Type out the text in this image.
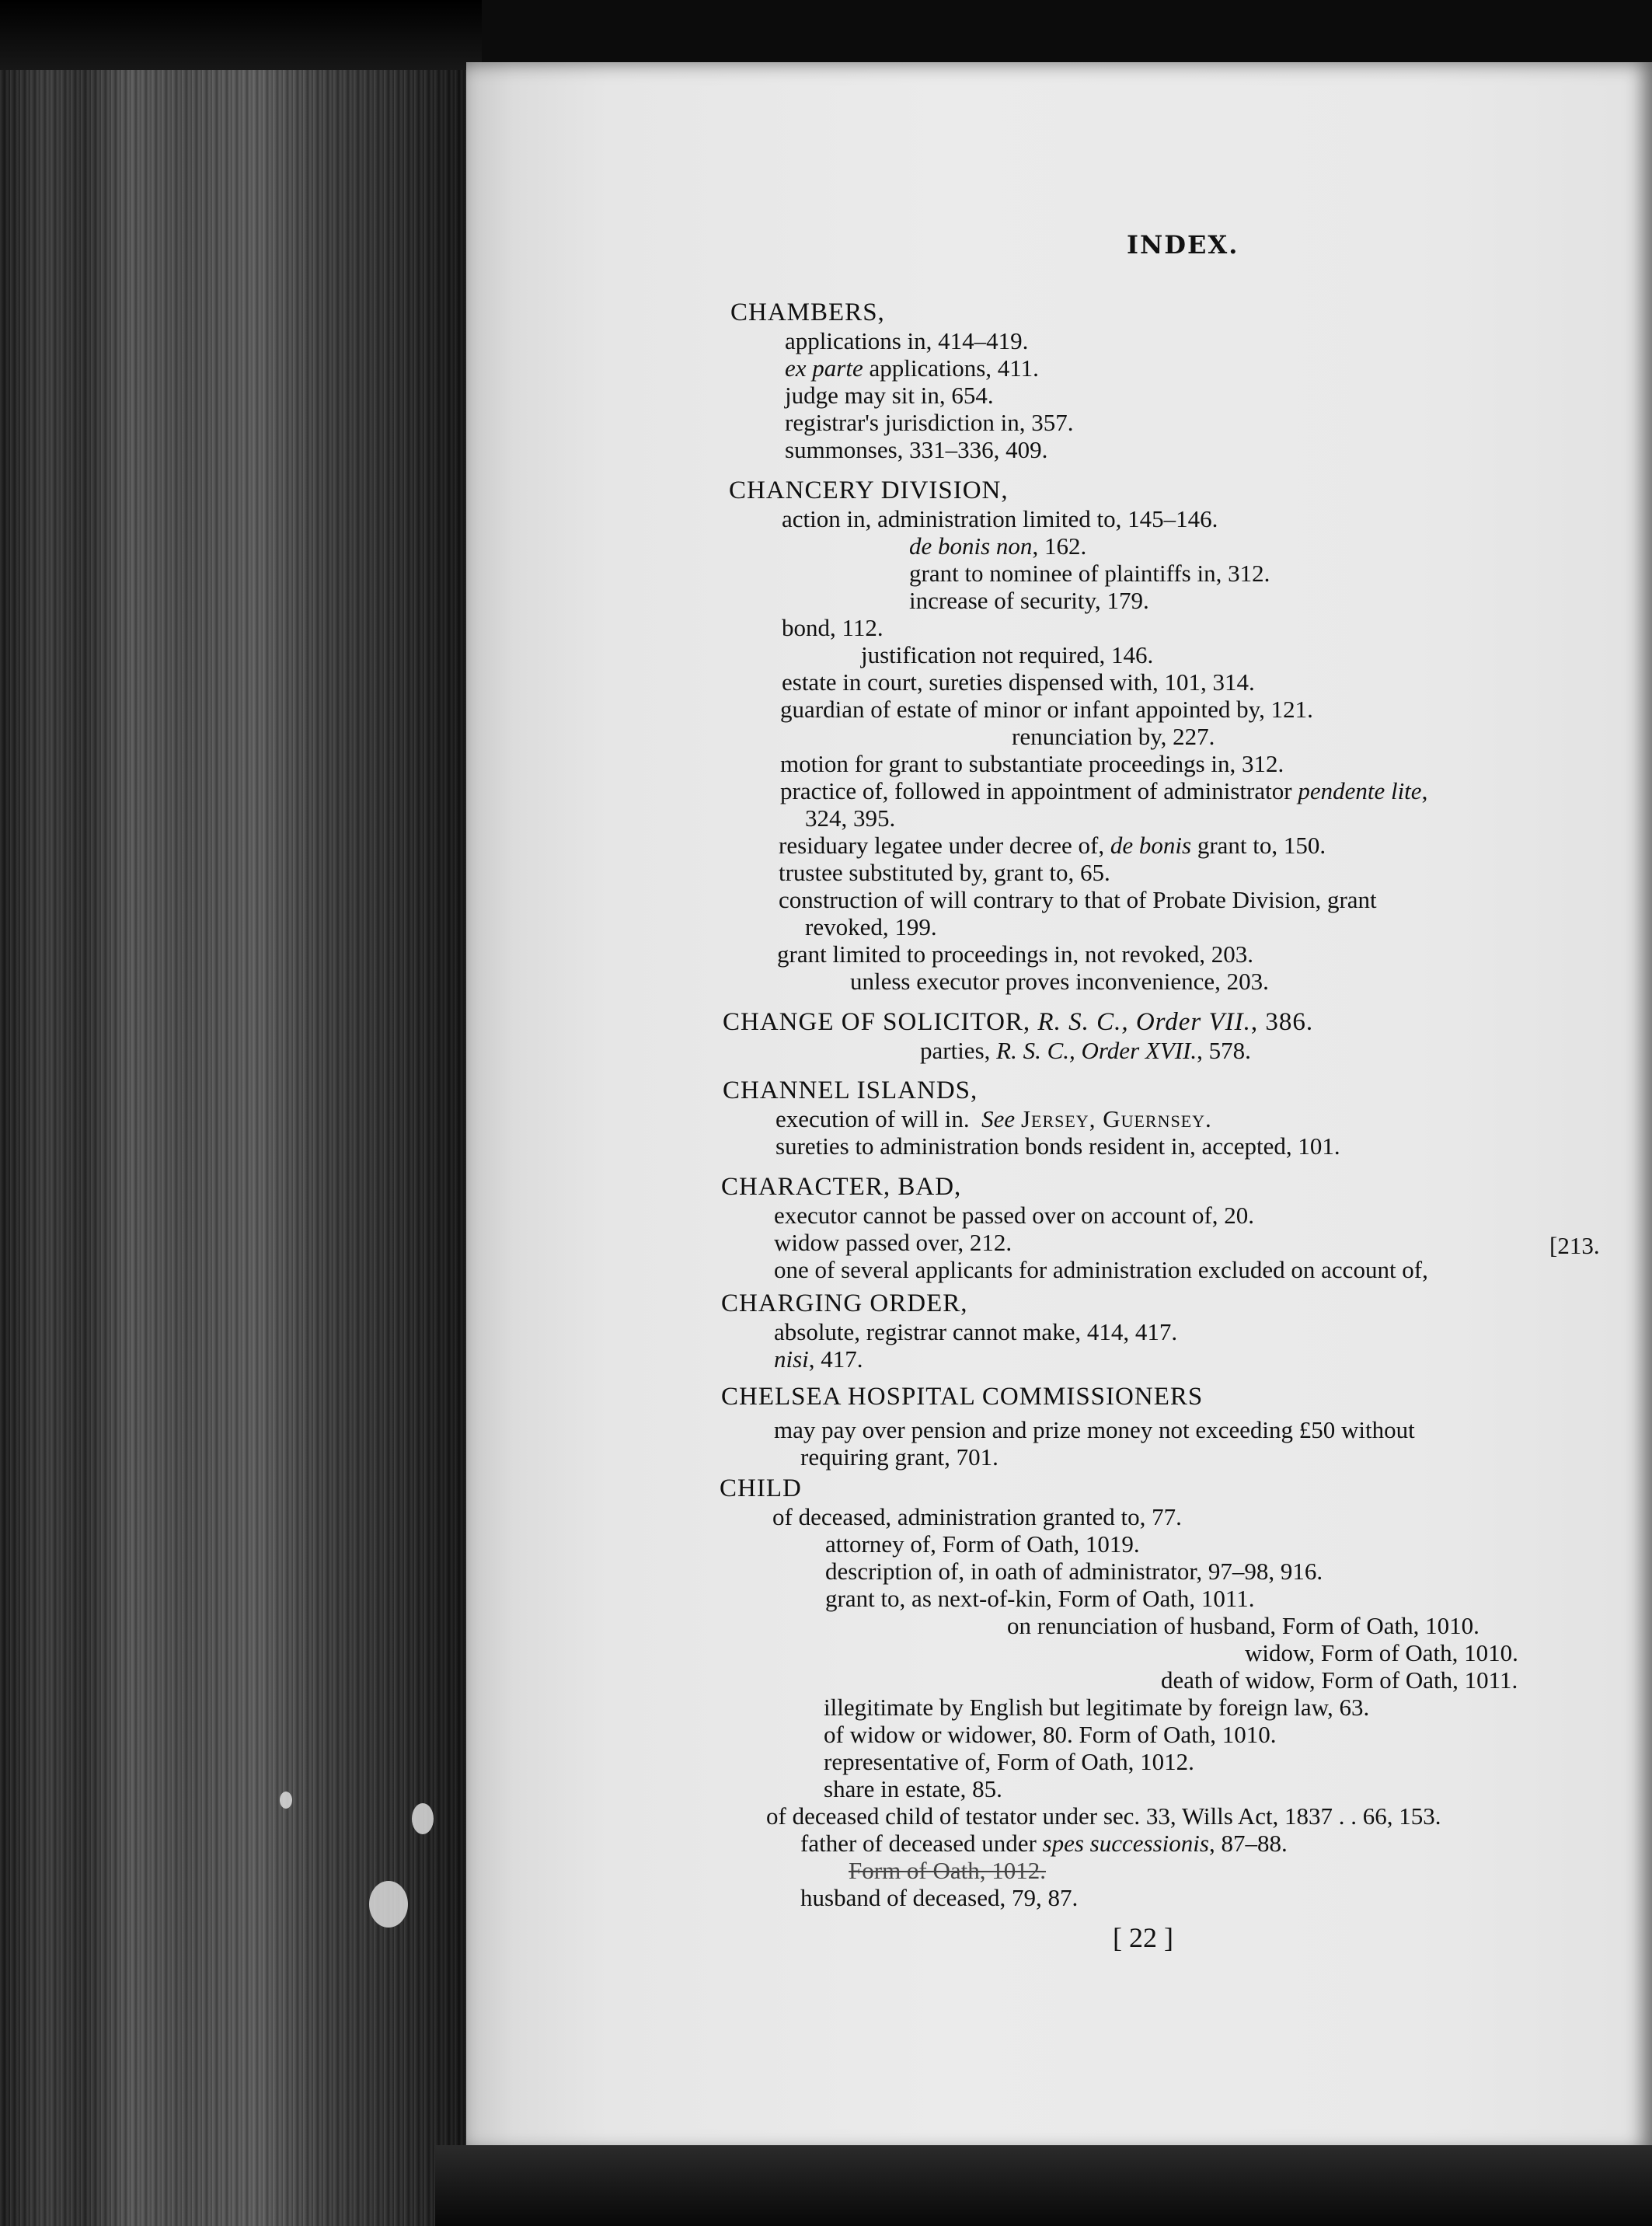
INDEX.
CHAMBERS,
applications in, 414–419.
ex parte applications, 411.
judge may sit in, 654.
registrar's jurisdiction in, 357.
summonses, 331–336, 409.
CHANCERY DIVISION,
action in, administration limited to, 145–146.
de bonis non, 162.
grant to nominee of plaintiffs in, 312.
increase of security, 179.
bond, 112.
justification not required, 146.
estate in court, sureties dispensed with, 101, 314.
guardian of estate of minor or infant appointed by, 121.
renunciation by, 227.
motion for grant to substantiate proceedings in, 312.
practice of, followed in appointment of administrator pendente lite,
324, 395.
residuary legatee under decree of, de bonis grant to, 150.
trustee substituted by, grant to, 65.
construction of will contrary to that of Probate Division, grant
revoked, 199.
grant limited to proceedings in, not revoked, 203.
unless executor proves inconvenience, 203.
CHANGE OF SOLICITOR, R. S. C., Order VII., 386.
parties, R. S. C., Order XVII., 578.
CHANNEL ISLANDS,
execution of will in. See Jersey, Guernsey.
sureties to administration bonds resident in, accepted, 101.
CHARACTER, BAD,
executor cannot be passed over on account of, 20.
widow passed over, 212.	[213.
one of several applicants for administration excluded on account of,
CHARGING ORDER,
absolute, registrar cannot make, 414, 417.
nisi, 417.
CHELSEA HOSPITAL COMMISSIONERS
may pay over pension and prize money not exceeding £50 without
requiring grant, 701.
CHILD
of deceased, administration granted to, 77.
attorney of, Form of Oath, 1019.
description of, in oath of administrator, 97–98, 916.
grant to, as next-of-kin, Form of Oath, 1011.
on renunciation of husband, Form of Oath, 1010.
widow, Form of Oath, 1010.
death of widow, Form of Oath, 1011.
illegitimate by English but legitimate by foreign law, 63.
of widow or widower, 80. Form of Oath, 1010.
representative of, Form of Oath, 1012.
share in estate, 85.
of deceased child of testator under sec. 33, Wills Act, 1837 . . 66, 153.
father of deceased under spes successionis, 87–88.
Form of Oath, 1012.
husband of deceased, 79, 87.
[ 22 ]
